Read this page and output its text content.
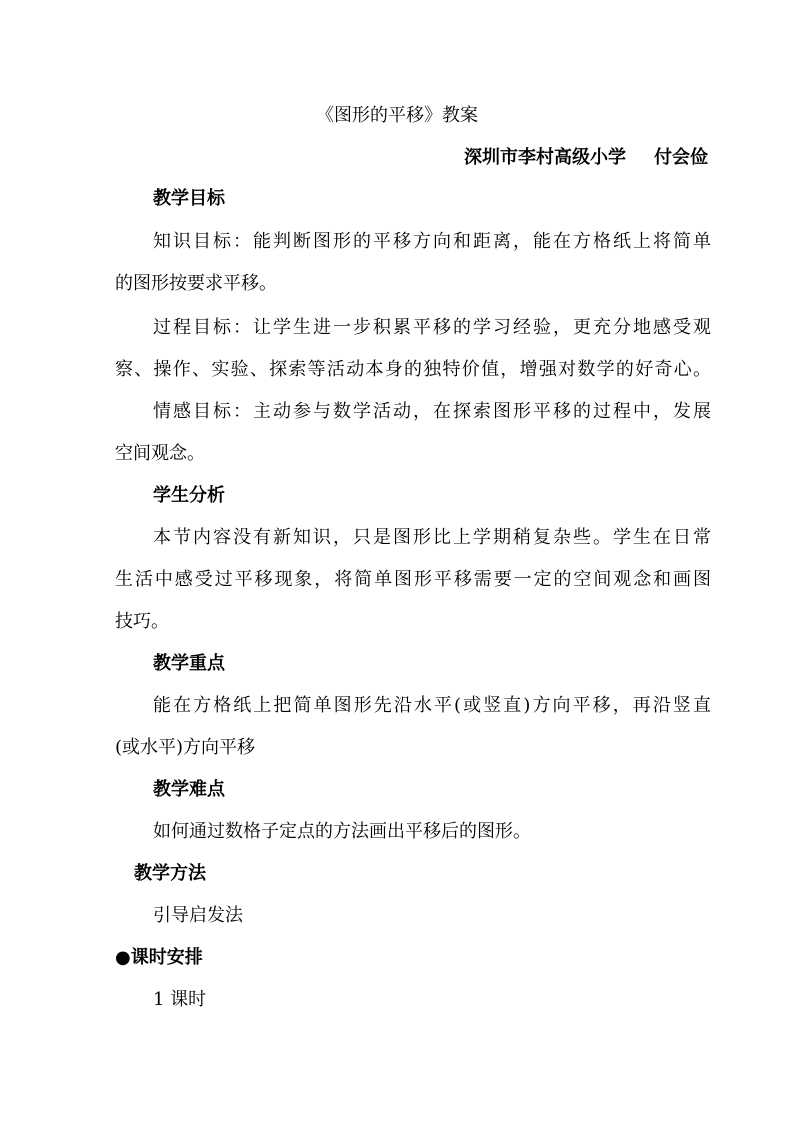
《图形的平移》教案
深圳市李村高级小学 付会俭
教学目标
知识目标：能判断图形的平移方向和距离，能在方格纸上将简单
的图形按要求平移。
过程目标：让学生进一步积累平移的学习经验，更充分地感受观
察、操作、实验、探索等活动本身的独特价值，增强对数学的好奇心。
情感目标：主动参与数学活动，在探索图形平移的过程中，发展
空间观念。
学生分析
本节内容没有新知识，只是图形比上学期稍复杂些。学生在日常
生活中感受过平移现象，将简单图形平移需要一定的空间观念和画图
技巧。
教学重点
能在方格纸上把简单图形先沿水平(或竖直)方向平移，再沿竖直
(或水平)方向平移
教学难点
如何通过数格子定点的方法画出平移后的图形。
教学方法
引导启发法
●课时安排
1 课时
